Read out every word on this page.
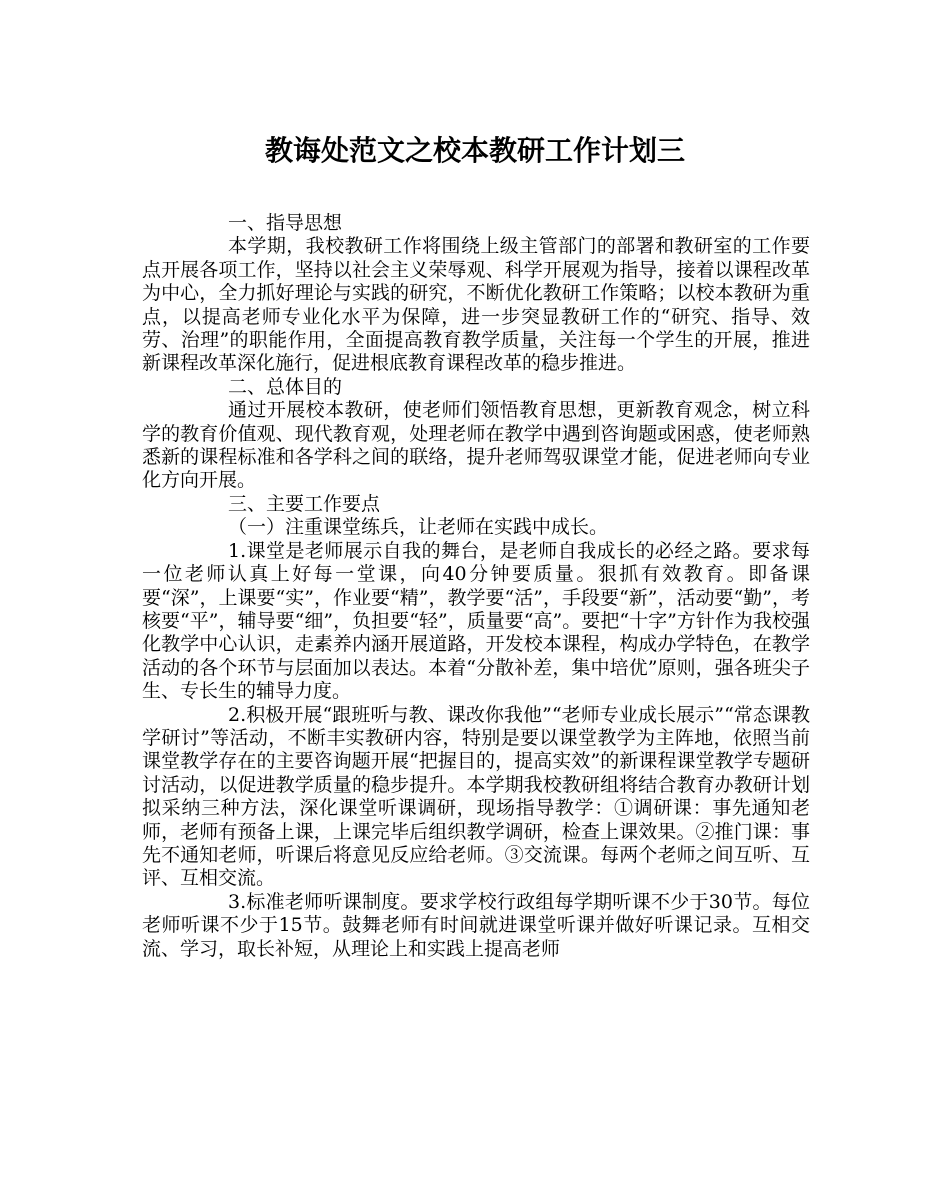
教诲处范文之校本教研工作计划三
一、指导思想
本学期，我校教研工作将围绕上级主管部门的部署和教研室的工作要点开展各项工作，坚持以社会主义荣辱观、科学开展观为指导，接着以课程改革为中心，全力抓好理论与实践的研究，不断优化教研工作策略；以校本教研为重点，以提高老师专业化水平为保障，进一步突显教研工作的“研究、指导、效劳、治理”的职能作用，全面提高教育教学质量，关注每一个学生的开展，推进新课程改革深化施行，促进根底教育课程改革的稳步推进。
二、总体目的
通过开展校本教研，使老师们领悟教育思想，更新教育观念，树立科学的教育价值观、现代教育观，处理老师在教学中遇到咨询题或困惑，使老师熟悉新的课程标准和各学科之间的联络，提升老师驾驭课堂才能，促进老师向专业化方向开展。
三、主要工作要点
（一）注重课堂练兵，让老师在实践中成长。
1.课堂是老师展示自我的舞台，是老师自我成长的必经之路。要求每一位老师认真上好每一堂课，向40分钟要质量。狠抓有效教育。即备课要“深”，上课要“实”，作业要“精”，教学要“活”，手段要“新”，活动要“勤”，考核要“平”，辅导要“细”，负担要“轻”，质量要“高”。要把“十字”方针作为我校强化教学中心认识，走素养内涵开展道路，开发校本课程，构成办学特色，在教学活动的各个环节与层面加以表达。本着“分散补差，集中培优”原则，强各班尖子生、专长生的辅导力度。
2.积极开展“跟班听与教、课改你我他”“老师专业成长展示”“常态课教学研讨”等活动，不断丰实教研内容，特别是要以课堂教学为主阵地，依照当前课堂教学存在的主要咨询题开展“把握目的，提高实效”的新课程课堂教学专题研讨活动，以促进教学质量的稳步提升。本学期我校教研组将结合教育办教研计划拟采纳三种方法，深化课堂听课调研，现场指导教学：①调研课：事先通知老师，老师有预备上课，上课完毕后组织教学调研，检查上课效果。②推门课：事先不通知老师，听课后将意见反应给老师。③交流课。每两个老师之间互听、互评、互相交流。
3.标准老师听课制度。要求学校行政组每学期听课不少于30节。每位老师听课不少于15节。鼓舞老师有时间就进课堂听课并做好听课记录。互相交流、学习，取长补短，从理论上和实践上提高老师
